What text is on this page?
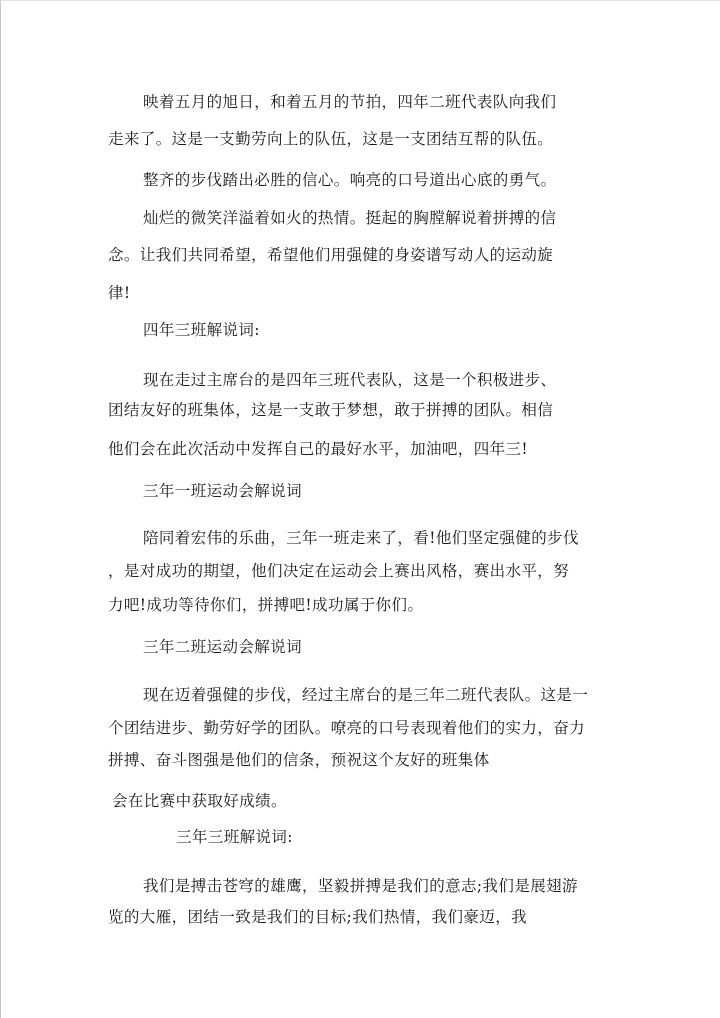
映着五月的旭日，和着五月的节拍，四年二班代表队向我们
走来了。这是一支勤劳向上的队伍，这是一支团结互帮的队伍。
整齐的步伐踏出必胜的信心。响亮的口号道出心底的勇气。
灿烂的微笑洋溢着如火的热情。挺起的胸膛解说着拼搏的信
念。让我们共同希望，希望他们用强健的身姿谱写动人的运动旋
律!
四年三班解说词:
现在走过主席台的是四年三班代表队，这是一个积极进步、
团结友好的班集体，这是一支敢于梦想，敢于拼搏的团队。相信
他们会在此次活动中发挥自己的最好水平，加油吧，四年三!
三年一班运动会解说词
陪同着宏伟的乐曲，三年一班走来了，看!他们坚定强健的步伐
，是对成功的期望，他们决定在运动会上赛出风格，赛出水平，努
力吧!成功等待你们，拼搏吧!成功属于你们。
三年二班运动会解说词
现在迈着强健的步伐，经过主席台的是三年二班代表队。这是一
个团结进步、勤劳好学的团队。嘹亮的口号表现着他们的实力，奋力
拼搏、奋斗图强是他们的信条，预祝这个友好的班集体
会在比赛中获取好成绩。
三年三班解说词:
我们是搏击苍穹的雄鹰，坚毅拼搏是我们的意志;我们是展翅游
览的大雁，团结一致是我们的目标;我们热情，我们豪迈，我
